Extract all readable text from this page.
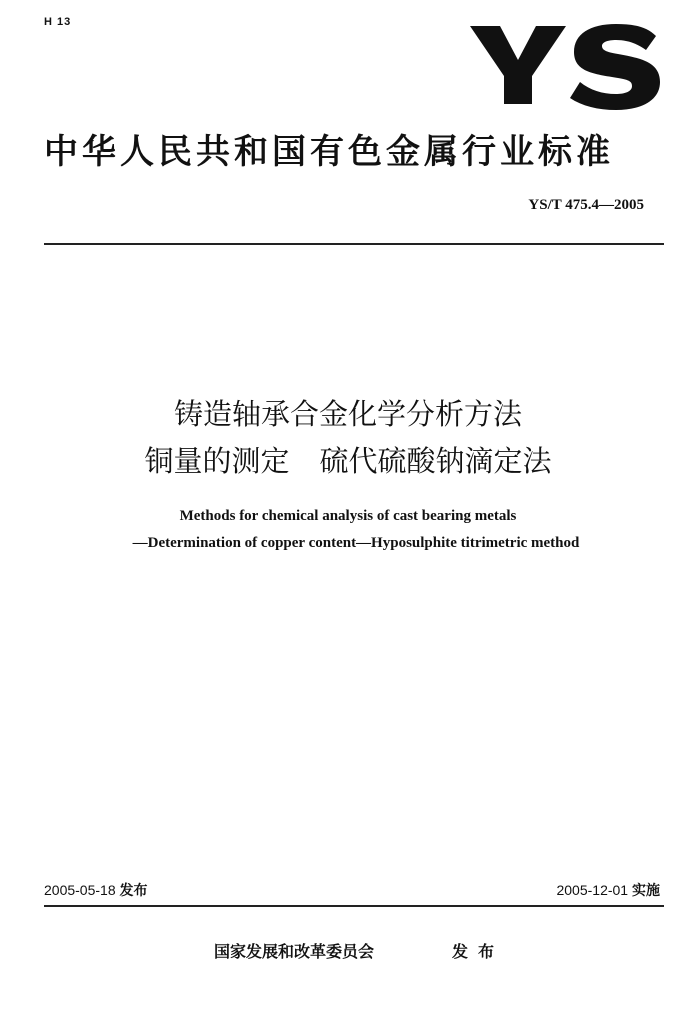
H 13
中华人民共和国有色金属行业标准
YS/T 475.4—2005
铸造轴承合金化学分析方法
铜量的测定 硫代硫酸钠滴定法
Methods for chemical analysis of cast bearing metals
—Determination of copper content—Hyposulphite titrimetric method
2005-05-18 发布	2005-12-01 实施
国家发展和改革委员会	发布
